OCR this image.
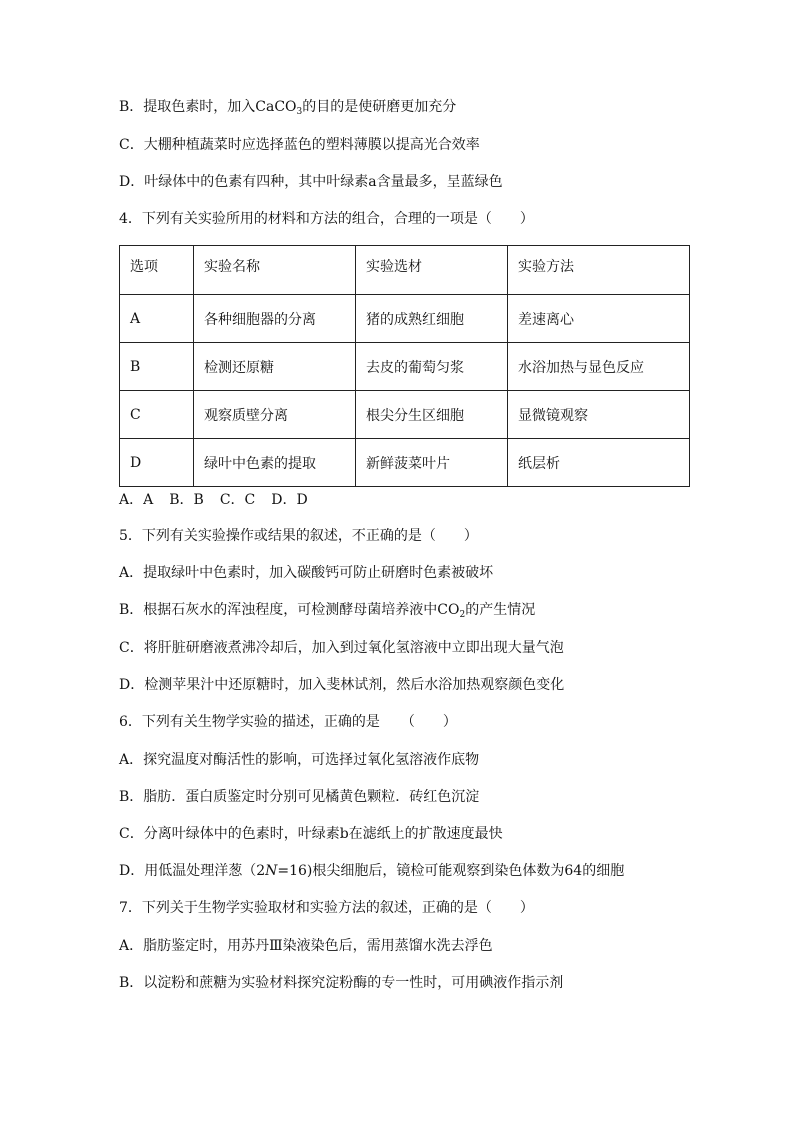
B．提取色素时，加入CaCO$_3$的目的是使研磨更加充分
C．大棚种植蔬菜时应选择蓝色的塑料薄膜以提高光合效率
D．叶绿体中的色素有四种，其中叶绿素a含量最多，呈蓝绿色
4．下列有关实验所用的材料和方法的组合，合理的一项是（　　）
选项	实验名称	实验选材	实验方法
A	各种细胞器的分离	猪的成熟红细胞	差速离心
B	检测还原糖	去皮的葡萄匀浆	水浴加热与显色反应
C	观察质壁分离	根尖分生区细胞	显微镜观察
D	绿叶中色素的提取	新鲜菠菜叶片	纸层析
A．A B．B C．C D．D
5．下列有关实验操作或结果的叙述，不正确的是（　　）
A．提取绿叶中色素时，加入碳酸钙可防止研磨时色素被破坏
B．根据石灰水的浑浊程度，可检测酵母菌培养液中$CO_2$的产生情况
C．将肝脏研磨液煮沸冷却后，加入到过氧化氢溶液中立即出现大量气泡
D．检测苹果汁中还原糖时，加入斐林试剂，然后水浴加热观察颜色变化
6．下列有关生物学实验的描述，正确的是　　（　　）
A．探究温度对酶活性的影响，可选择过氧化氢溶液作底物
B．脂肪．蛋白质鉴定时分别可见橘黄色颗粒．砖红色沉淀
C．分离叶绿体中的色素时，叶绿素b在滤纸上的扩散速度最快
D．用低温处理洋葱（2N=16)根尖细胞后，镜检可能观察到染色体数为64的细胞
7．下列关于生物学实验取材和实验方法的叙述，正确的是（　　）
A．脂肪鉴定时，用苏丹Ⅲ染液染色后，需用蒸馏水洗去浮色
B．以淀粉和蔗糖为实验材料探究淀粉酶的专一性时，可用碘液作指示剂
